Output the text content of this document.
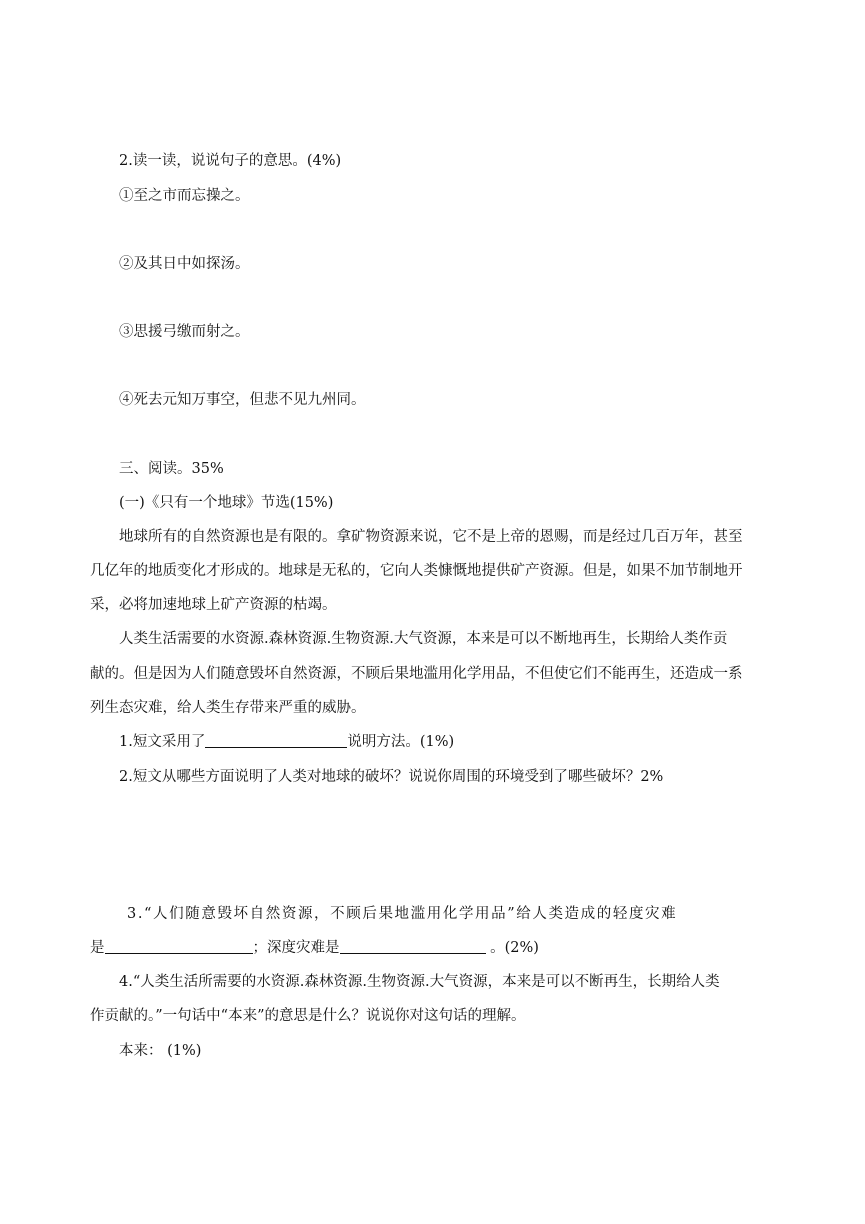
2.读一读，说说句子的意思。(4%)
①至之市而忘操之。
②及其日中如探汤。
③思援弓缴而射之。
④死去元知万事空，但悲不见九州同。
三、阅读。35%
(一)《只有一个地球》节选(15%)
地球所有的自然资源也是有限的。拿矿物资源来说，它不是上帝的恩赐，而是经过几百万年，甚至
几亿年的地质变化才形成的。地球是无私的，它向人类慷慨地提供矿产资源。但是，如果不加节制地开
采，必将加速地球上矿产资源的枯竭。
人类生活需要的水资源.森林资源.生物资源.大气资源，本来是可以不断地再生，长期给人类作贡
献的。但是因为人们随意毁坏自然资源，不顾后果地滥用化学用品，不但使它们不能再生，还造成一系
列生态灾难，给人类生存带来严重的威胁。
1.短文采用了	说明方法。(1%)
2.短文从哪些方面说明了人类对地球的破坏？说说你周围的环境受到了哪些破坏？2%
3.“人们随意毁坏自然资源，不顾后果地滥用化学用品”给人类造成的轻度灾难
是	；深度灾难是	。(2%)
4.“人类生活所需要的水资源.森林资源.生物资源.大气资源，本来是可以不断再生，长期给人类
作贡献的。”一句话中“本来”的意思是什么？说说你对这句话的理解。
本来： (1%)
